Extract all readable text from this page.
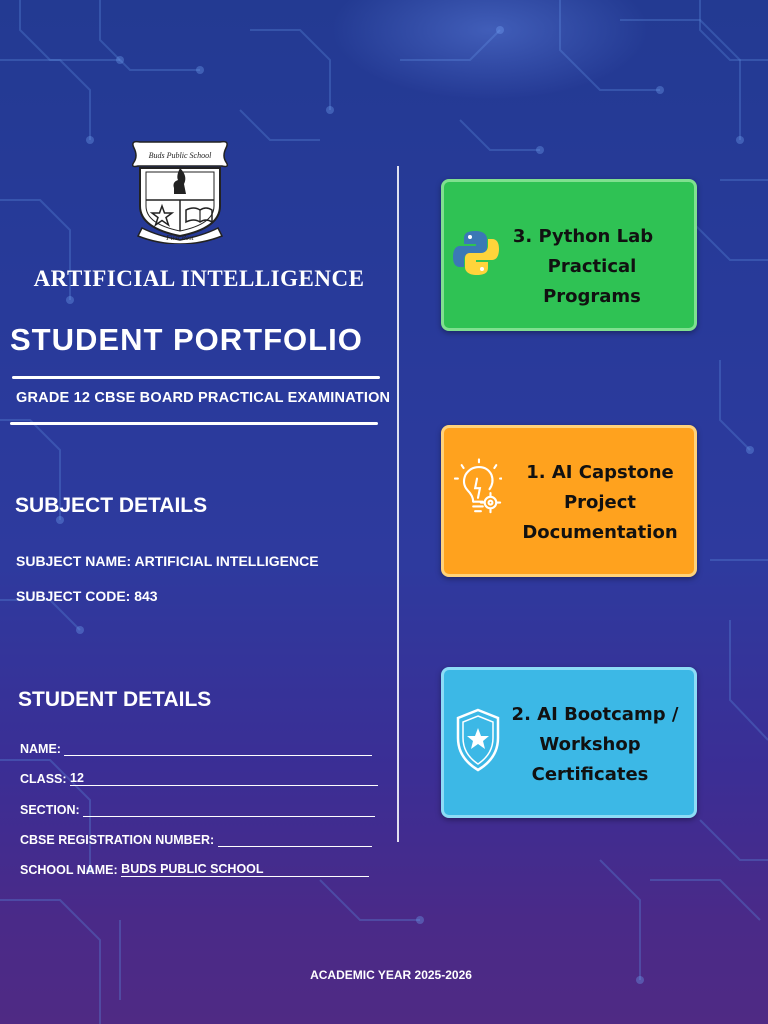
Buds Public School
First Best
ARTIFICIAL INTELLIGENCE
STUDENT PORTFOLIO
GRADE 12 CBSE BOARD PRACTICAL EXAMINATION
SUBJECT DETAILS
SUBJECT NAME: ARTIFICIAL INTELLIGENCE
SUBJECT CODE: 843
STUDENT DETAILS
NAME:
CLASS: 12
SECTION:
CBSE REGISTRATION NUMBER:
SCHOOL NAME: BUDS PUBLIC SCHOOL
3. Python Lab
Practical Programs
1. AI Capstone
Project
Documentation
2. AI Bootcamp /
Workshop
Certificates
ACADEMIC YEAR 2025-2026
